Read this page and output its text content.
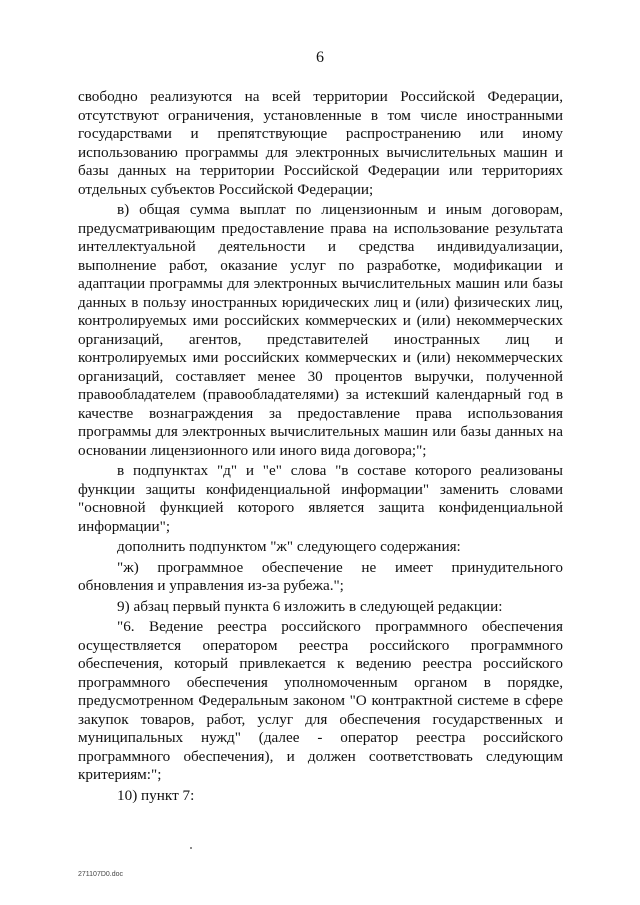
6

свободно реализуются на всей территории Российской Федерации, отсутствуют ограничения, установленные в том числе иностранными государствами и препятствующие распространению или иному использованию программы для электронных вычислительных машин и базы данных на территории Российской Федерации или территориях отдельных субъектов Российской Федерации;

в) общая сумма выплат по лицензионным и иным договорам, предусматривающим предоставление права на использование результата интеллектуальной деятельности и средства индивидуализации, выполнение работ, оказание услуг по разработке, модификации и адаптации программы для электронных вычислительных машин или базы данных в пользу иностранных юридических лиц и (или) физических лиц, контролируемых ими российских коммерческих и (или) некоммерческих организаций, агентов, представителей иностранных лиц и контролируемых ими российских коммерческих и (или) некоммерческих организаций, составляет менее 30 процентов выручки, полученной правообладателем (правообладателями) за истекший календарный год в качестве вознаграждения за предоставление права использования программы для электронных вычислительных машин или базы данных на основании лицензионного или иного вида договора;";

в подпунктах "д" и "е" слова "в составе которого реализованы функции защиты конфиденциальной информации" заменить словами "основной функцией которого является защита конфиденциальной информации";

дополнить подпунктом "ж" следующего содержания:

"ж) программное обеспечение не имеет принудительного обновления и управления из-за рубежа.";

9) абзац первый пункта 6 изложить в следующей редакции:

"6. Ведение реестра российского программного обеспечения осуществляется оператором реестра российского программного обеспечения, который привлекается к ведению реестра российского программного обеспечения уполномоченным органом в порядке, предусмотренном Федеральным законом "О контрактной системе в сфере закупок товаров, работ, услуг для обеспечения государственных и муниципальных нужд" (далее - оператор реестра российского программного обеспечения), и должен соответствовать следующим критериям:";

10) пункт 7:

271107D0.doc
